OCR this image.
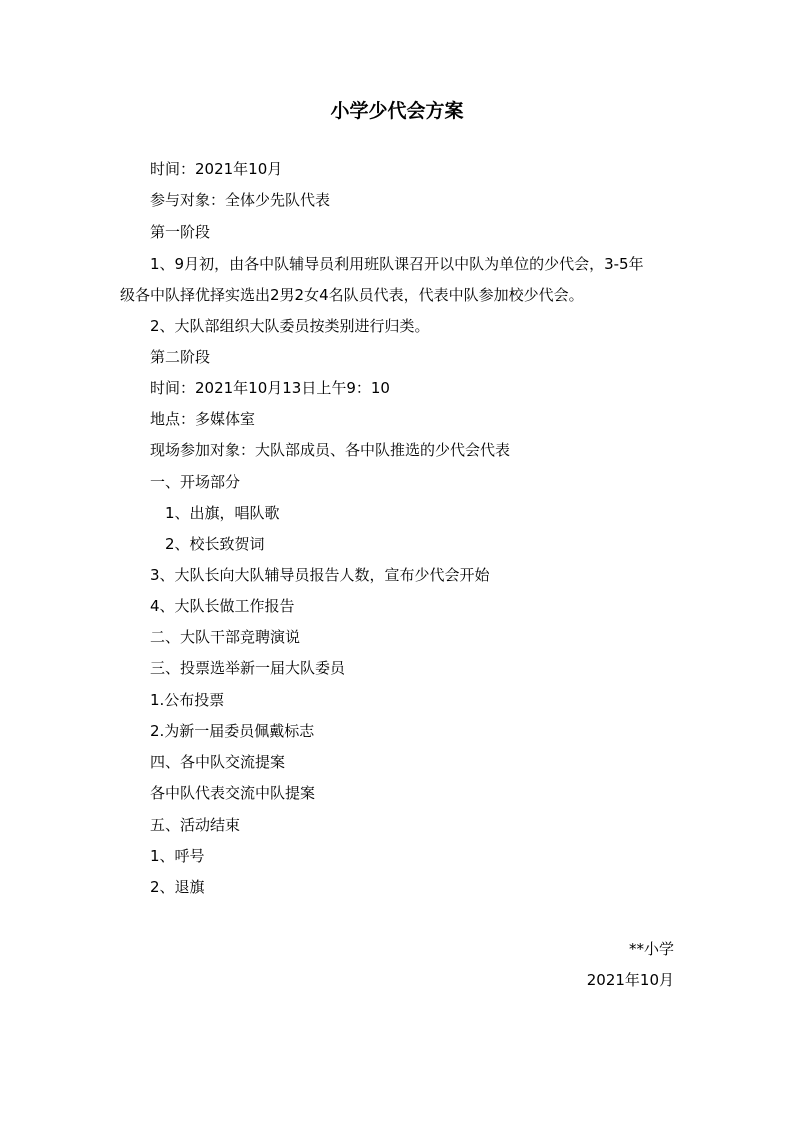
小学少代会方案
时间：2021年10月
参与对象：全体少先队代表
第一阶段
1、9月初，由各中队辅导员利用班队课召开以中队为单位的少代会，3-5年
级各中队择优择实选出2男2女4名队员代表，代表中队参加校少代会。
2、大队部组织大队委员按类别进行归类。
第二阶段
时间：2021年10月13日上午9：10
地点：多媒体室
现场参加对象：大队部成员、各中队推选的少代会代表
一、开场部分
1、出旗，唱队歌
2、校长致贺词
3、大队长向大队辅导员报告人数，宣布少代会开始
4、大队长做工作报告
二、大队干部竞聘演说
三、投票选举新一届大队委员
1.公布投票
2.为新一届委员佩戴标志
四、各中队交流提案
各中队代表交流中队提案
五、活动结束
1、呼号
2、退旗
**小学
2021年10月
